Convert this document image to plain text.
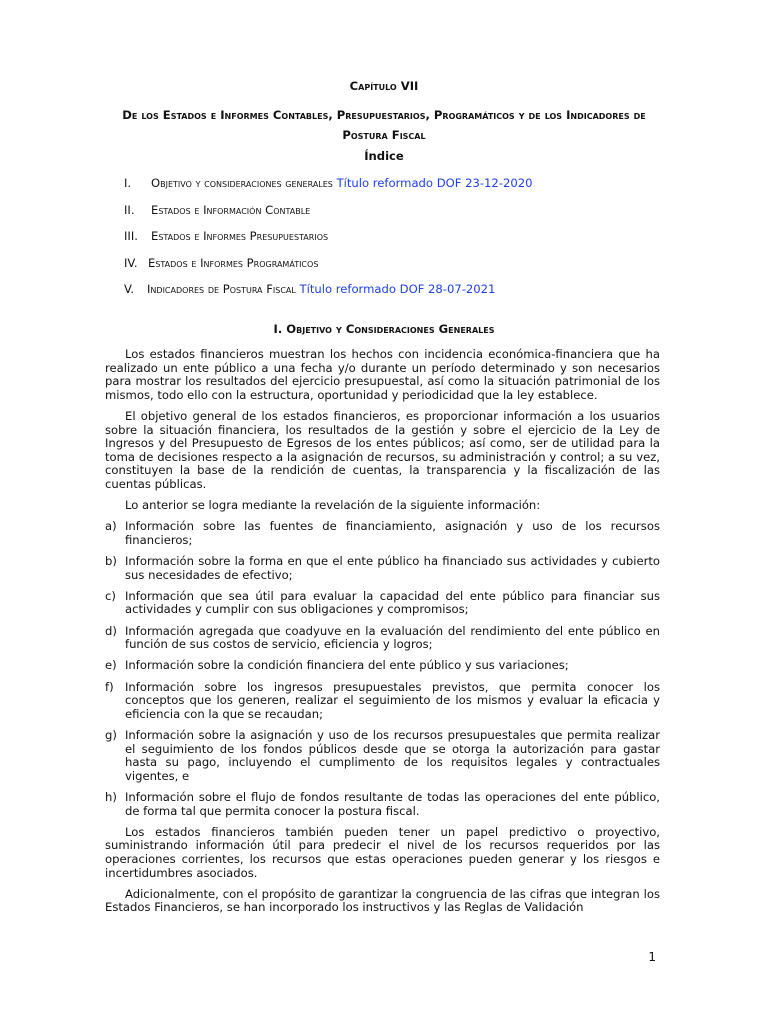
Capítulo VII
De los Estados e Informes Contables, Presupuestarios, Programáticos y de los Indicadores de Postura Fiscal
Índice
I. Objetivo y consideraciones generales Título reformado DOF 23-12-2020
II. Estados e Información Contable
III. Estados e Informes Presupuestarios
IV. Estados e Informes Programáticos
V. Indicadores de Postura Fiscal Título reformado DOF 28-07-2021
I. Objetivo y Consideraciones Generales

Los estados financieros muestran los hechos con incidencia económica-financiera que ha realizado un ente público a una fecha y/o durante un período determinado y son necesarios para mostrar los resultados del ejercicio presupuestal, así como la situación patrimonial de los mismos, todo ello con la estructura, oportunidad y periodicidad que la ley establece.

El objetivo general de los estados financieros, es proporcionar información a los usuarios sobre la situación financiera, los resultados de la gestión y sobre el ejercicio de la Ley de Ingresos y del Presupuesto de Egresos de los entes públicos; así como, ser de utilidad para la toma de decisiones respecto a la asignación de recursos, su administración y control; a su vez, constituyen la base de la rendición de cuentas, la transparencia y la fiscalización de las cuentas públicas.

Lo anterior se logra mediante la revelación de la siguiente información:

a) Información sobre las fuentes de financiamiento, asignación y uso de los recursos financieros;
b) Información sobre la forma en que el ente público ha financiado sus actividades y cubierto sus necesidades de efectivo;
c) Información que sea útil para evaluar la capacidad del ente público para financiar sus actividades y cumplir con sus obligaciones y compromisos;
d) Información agregada que coadyuve en la evaluación del rendimiento del ente público en función de sus costos de servicio, eficiencia y logros;
e) Información sobre la condición financiera del ente público y sus variaciones;
f) Información sobre los ingresos presupuestales previstos, que permita conocer los conceptos que los generen, realizar el seguimiento de los mismos y evaluar la eficacia y eficiencia con la que se recaudan;
g) Información sobre la asignación y uso de los recursos presupuestales que permita realizar el seguimiento de los fondos públicos desde que se otorga la autorización para gastar hasta su pago, incluyendo el cumplimento de los requisitos legales y contractuales vigentes, e
h) Información sobre el flujo de fondos resultante de todas las operaciones del ente público, de forma tal que permita conocer la postura fiscal.

Los estados financieros también pueden tener un papel predictivo o proyectivo, suministrando información útil para predecir el nivel de los recursos requeridos por las operaciones corrientes, los recursos que estas operaciones pueden generar y los riesgos e incertidumbres asociados.

Adicionalmente, con el propósito de garantizar la congruencia de las cifras que integran los Estados Financieros, se han incorporado los instructivos y las Reglas de Validación

1
